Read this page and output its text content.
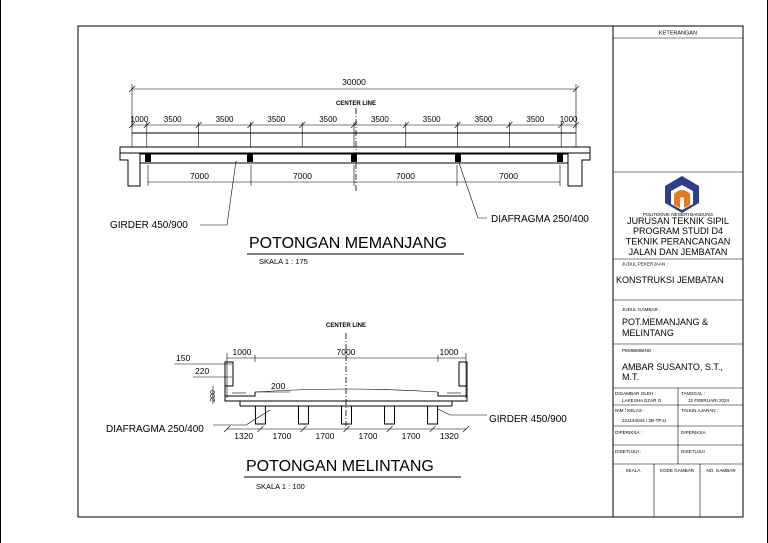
KETERANGAN
POLITEKNIK NEGERI BANDUNG
JURUSAN TEKNIK SIPIL
PROGRAM STUDI D4
TEKNIK PERANCANGAN
JALAN DAN JEMBATAN
JUDUL PEKERJAAN :
KONSTRUKSI JEMBATAN
JUDUL GAMBAR :
POT.MEMANJANG &
MELINTANG
PEMBIMBING :
AMBAR SUSANTO, S.T.,
M.T.
DIGAMBAR OLEH :
LAKESHA EZAR G
TANGGAL :
12 FEBRUARI 2024
NIM / KELAS :
221134044 / 2B-TPJJ
TAHUN AJARAN :
DIPERIKSA :	DIPERIKSA
DISETUJUI :	DISETUJUI
SKALA	KODE GAMBAR	NO. GAMBAR
30000
CENTER LINE
1000 3500	3500	3500	3500	3500	3500	3500	3500 1000
7000	7000	7000	7000
GIRDER 450/900
DIAFRAGMA 250/400
POTONGAN MEMANJANG
SKALA 1 : 175
CENTER LINE
1000	7000	1000
150
220
200
200
1320 1700	1700	1700	1700 1320
DIAFRAGMA 250/400
GIRDER 450/900
POTONGAN MELINTANG
SKALA 1 : 100
